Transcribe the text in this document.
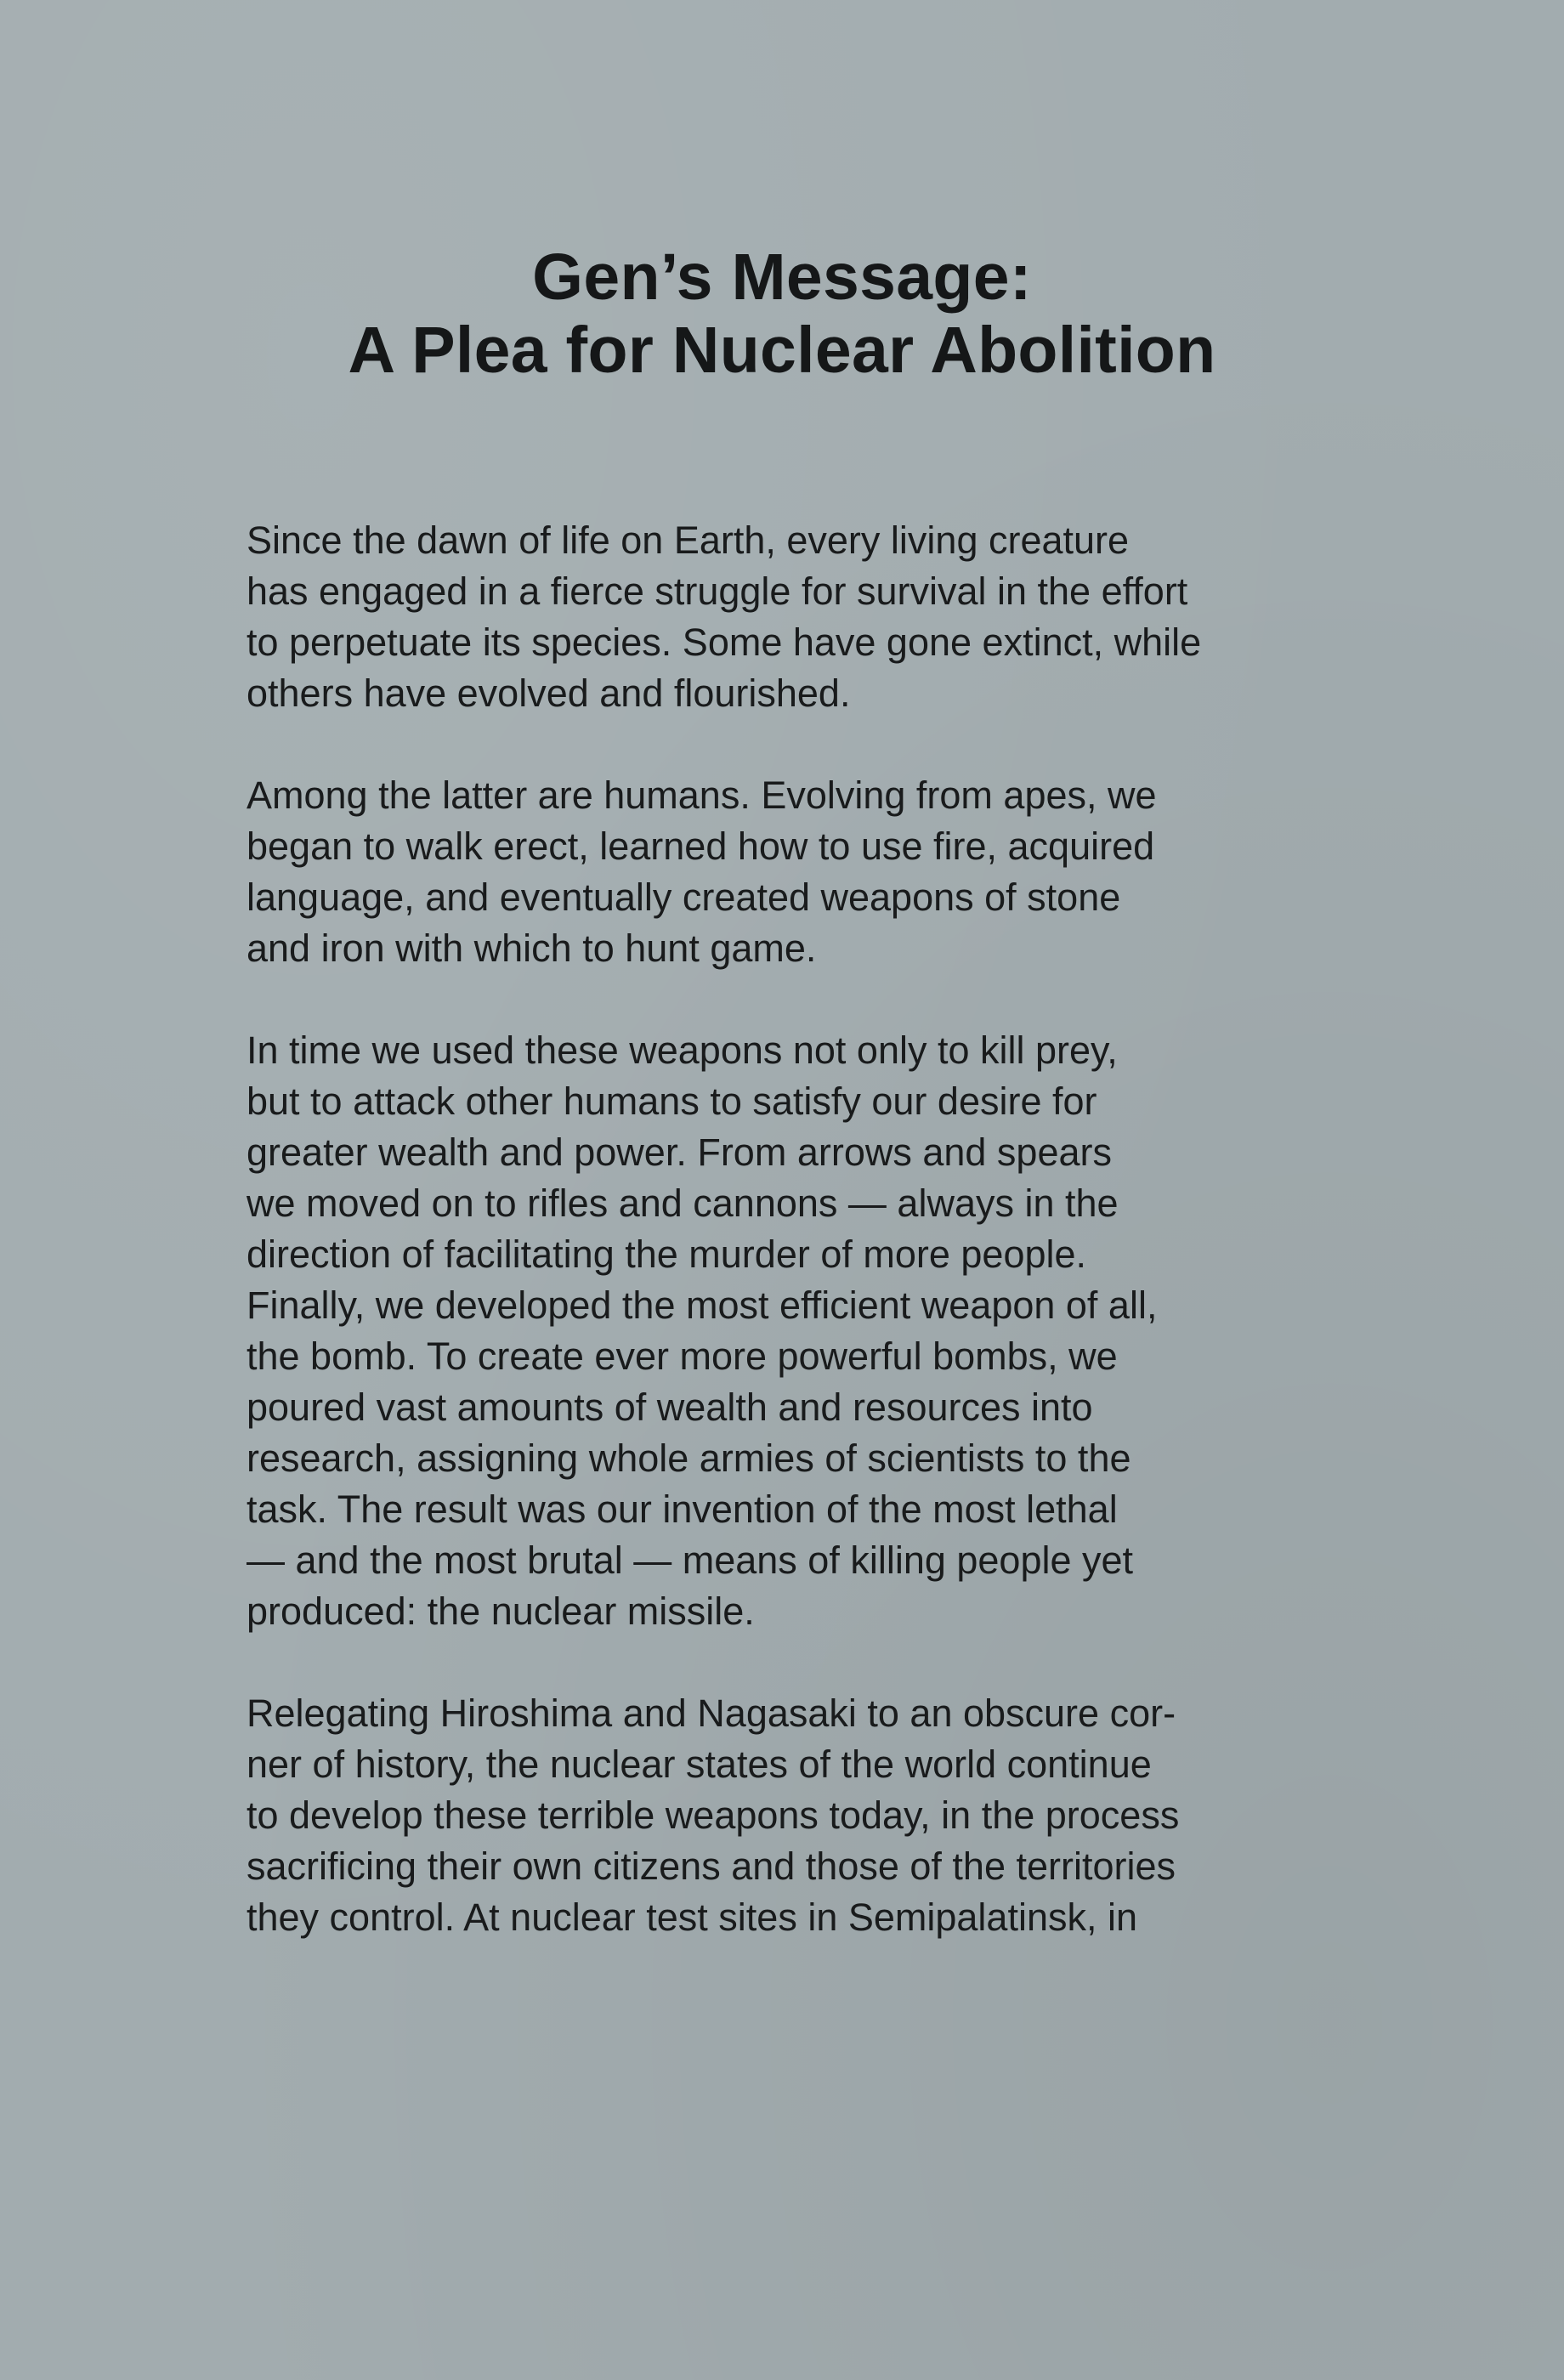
Gen’s Message:
A Plea for Nuclear Abolition

Since the dawn of life on Earth, every living creature
has engaged in a fierce struggle for survival in the effort
to perpetuate its species. Some have gone extinct, while
others have evolved and flourished.

Among the latter are humans. Evolving from apes, we
began to walk erect, learned how to use fire, acquired
language, and eventually created weapons of stone
and iron with which to hunt game.

In time we used these weapons not only to kill prey,
but to attack other humans to satisfy our desire for
greater wealth and power. From arrows and spears
we moved on to rifles and cannons — always in the
direction of facilitating the murder of more people.
Finally, we developed the most efficient weapon of all,
the bomb. To create ever more powerful bombs, we
poured vast amounts of wealth and resources into
research, assigning whole armies of scientists to the
task. The result was our invention of the most lethal
— and the most brutal — means of killing people yet
produced: the nuclear missile.

Relegating Hiroshima and Nagasaki to an obscure cor-
ner of history, the nuclear states of the world continue
to develop these terrible weapons today, in the process
sacrificing their own citizens and those of the territories
they control. At nuclear test sites in Semipalatinsk, in
